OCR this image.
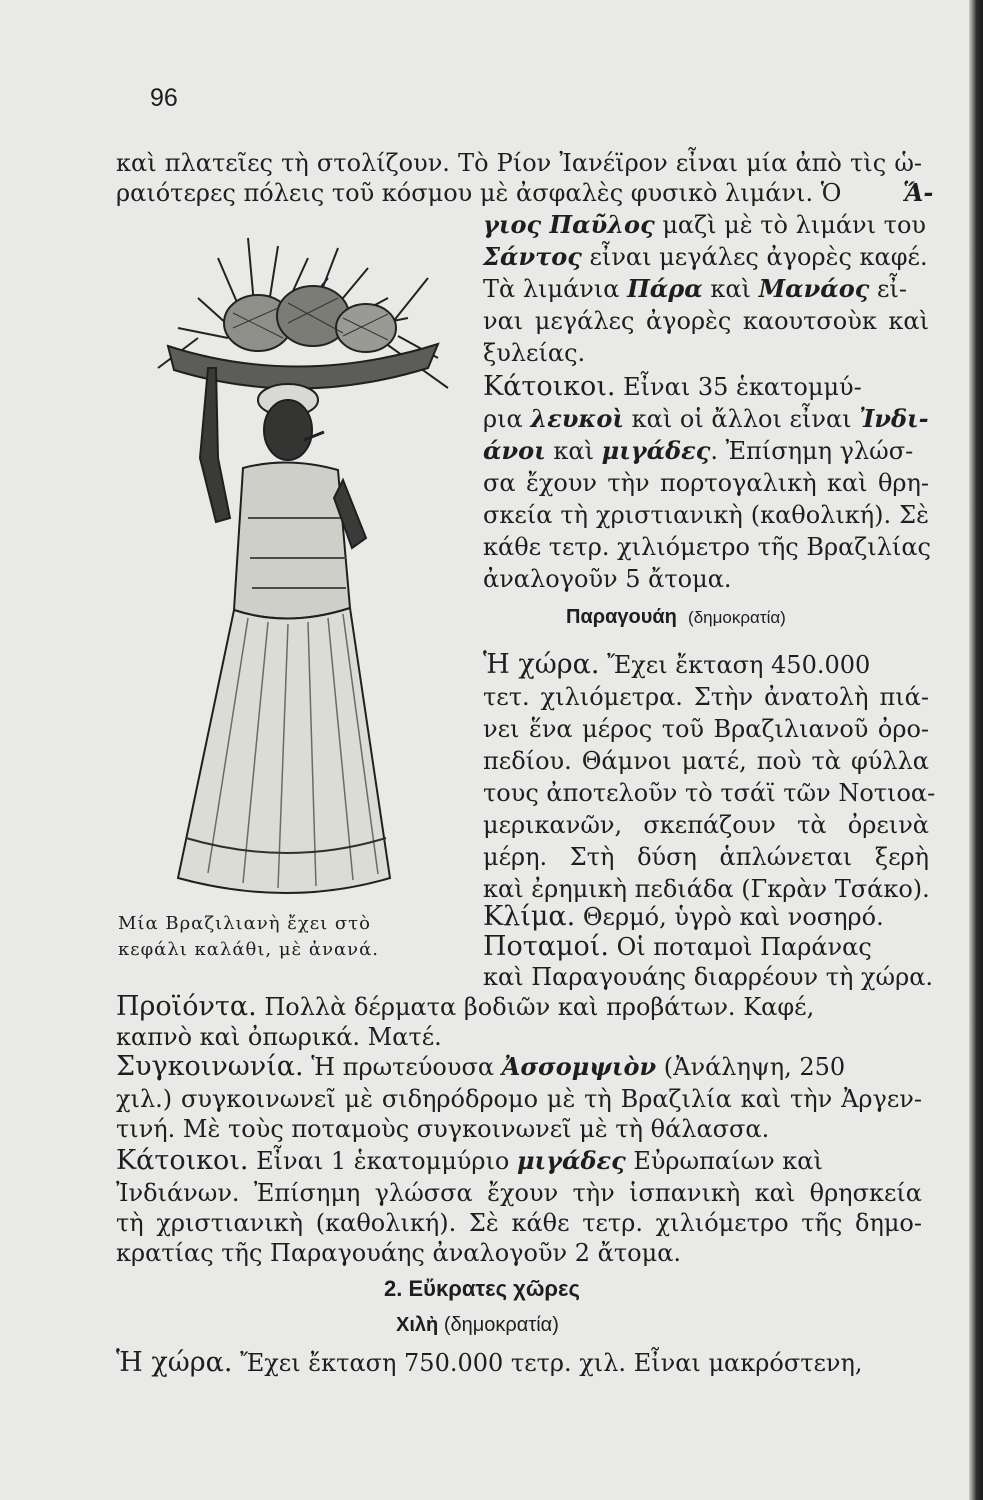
96
καὶ πλατεῖες τὴ στολίζουν. Τὸ Ρίον Ἰανέϊρον εἶναι μία ἀπὸ τὶς ὡ-
ραιότερες πόλεις τοῦ κόσμου μὲ ἀσφαλὲς φυσικὸ λιμάνι. Ὁ	Ἅ-
γιος Παῦλος μαζὶ μὲ τὸ λιμάνι του
Σάντος εἶναι μεγάλες ἀγορὲς καφέ.
Τὰ λιμάνια Πάρα καὶ Μανάος εἶ-
ναι μεγάλες ἀγορὲς καουτσοὺκ καὶ
ξυλείας.
Κάτοικοι. Εἶναι 35 ἑκατομμύ-
ρια λευκοὶ καὶ οἱ ἄλλοι εἶναι Ἰνδι-
άνοι καὶ μιγάδες. Ἐπίσημη γλώσ-
σα ἔχουν τὴν πορτογαλικὴ καὶ θρη-
σκεία τὴ χριστιανικὴ (καθολική). Σὲ
κάθε τετρ. χιλιόμετρο τῆς Βραζιλίας
ἀναλογοῦν 5 ἄτομα.
Παραγουάη (δημοκρατία)
Ἡ χώρα. Ἔχει ἔκταση 450.000
τετ. χιλιόμετρα. Στὴν ἀνατολὴ πιά-
νει ἕνα μέρος τοῦ Βραζιλιανοῦ ὀρο-
πεδίου. Θάμνοι ματέ, ποὺ τὰ φύλλα
τους ἀποτελοῦν τὸ τσάϊ τῶν Νοτιοα-
μερικανῶν, σκεπάζουν τὰ ὀρεινὰ
μέρη. Στὴ δύση ἁπλώνεται ξερὴ
καὶ ἐρημικὴ πεδιάδα (Γκρὰν Τσάκο).
Κλίμα. Θερμό, ὑγρὸ καὶ νοσηρό.
Ποταμοί. Οἱ ποταμοὶ Παράνας
καὶ Παραγουάης διαρρέουν τὴ χώρα.
Προϊόντα. Πολλὰ δέρματα βοδιῶν καὶ προβάτων. Καφέ,
καπνὸ καὶ ὀπωρικά. Ματέ.
Συγκοινωνία. Ἡ πρωτεύουσα Ἀσσομψιὸν (Ἀνάληψη, 250
χιλ.) συγκοινωνεῖ μὲ σιδηρόδρομο μὲ τὴ Βραζιλία καὶ τὴν Ἀργεν-
τινή. Μὲ τοὺς ποταμοὺς συγκοινωνεῖ μὲ τὴ θάλασσα.
Κάτοικοι. Εἶναι 1 ἑκατομμύριο μιγάδες Εὐρωπαίων καὶ
Ἰνδιάνων. Ἐπίσημη γλώσσα ἔχουν τὴν ἱσπανικὴ καὶ θρησκεία
τὴ χριστιανικὴ (καθολική). Σὲ κάθε τετρ. χιλιόμετρο τῆς δημο-
κρατίας τῆς Παραγουάης ἀναλογοῦν 2 ἄτομα.
2. Εὔκρατες χῶρες
Χιλὴ (δημοκρατία)
Ἡ χώρα. Ἔχει ἔκταση 750.000 τετρ. χιλ. Εἶναι μακρόστενη,
Μία Βραζιλιανὴ ἔχει στὸ
κεφάλι καλάθι, μὲ ἀνανά.
